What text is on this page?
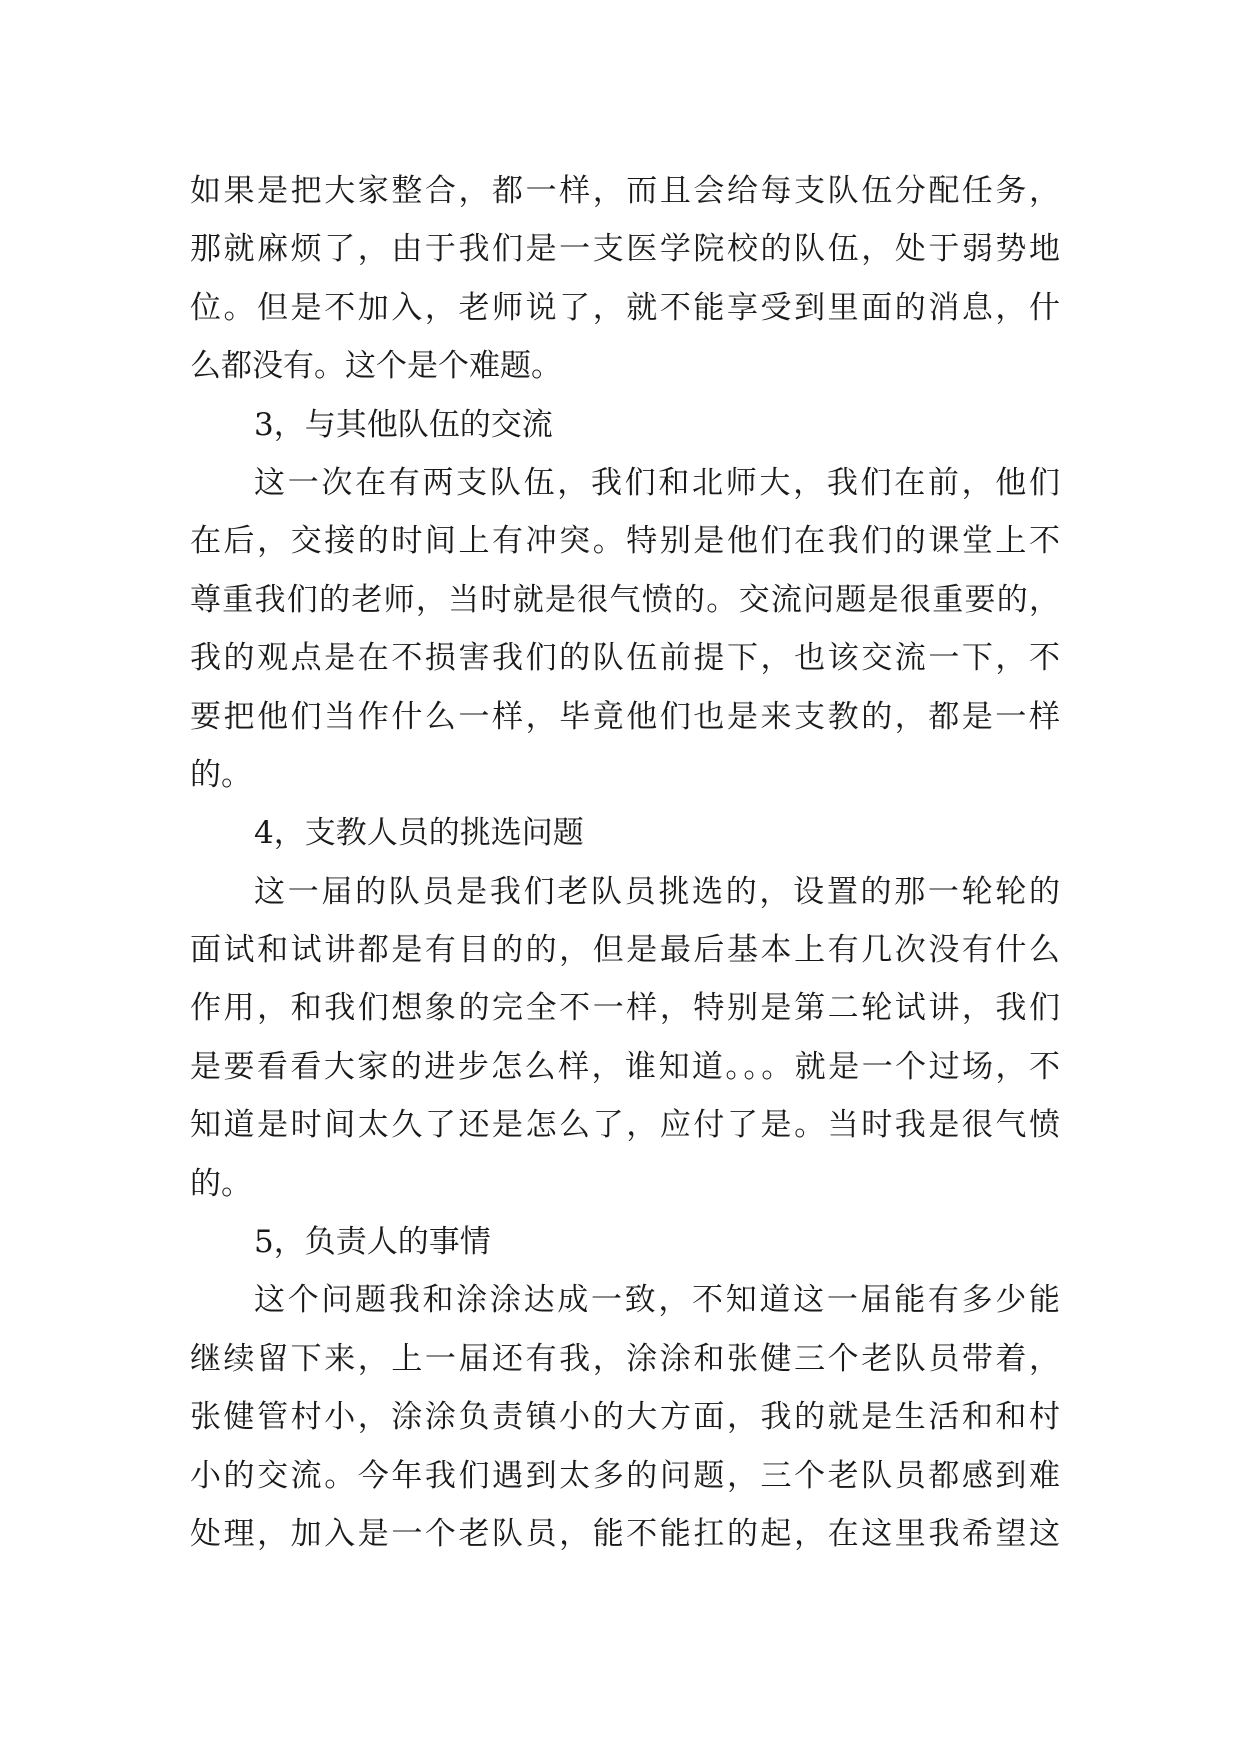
如果是把大家整合，都一样，而且会给每支队伍分配任务，
那就麻烦了，由于我们是一支医学院校的队伍，处于弱势地
位。但是不加入，老师说了，就不能享受到里面的消息，什
么都没有。这个是个难题。
3，与其他队伍的交流
这一次在有两支队伍，我们和北师大，我们在前，他们
在后，交接的时间上有冲突。特别是他们在我们的课堂上不
尊重我们的老师，当时就是很气愤的。交流问题是很重要的，
我的观点是在不损害我们的队伍前提下，也该交流一下，不
要把他们当作什么一样，毕竟他们也是来支教的，都是一样
的。
4，支教人员的挑选问题
这一届的队员是我们老队员挑选的，设置的那一轮轮的
面试和试讲都是有目的的，但是最后基本上有几次没有什么
作用，和我们想象的完全不一样，特别是第二轮试讲，我们
是要看看大家的进步怎么样，谁知道。。。就是一个过场，不
知道是时间太久了还是怎么了，应付了是。当时我是很气愤
的。
5，负责人的事情
这个问题我和涂涂达成一致，不知道这一届能有多少能
继续留下来，上一届还有我，涂涂和张健三个老队员带着，
张健管村小，涂涂负责镇小的大方面，我的就是生活和和村
小的交流。今年我们遇到太多的问题，三个老队员都感到难
处理，加入是一个老队员，能不能扛的起，在这里我希望这
